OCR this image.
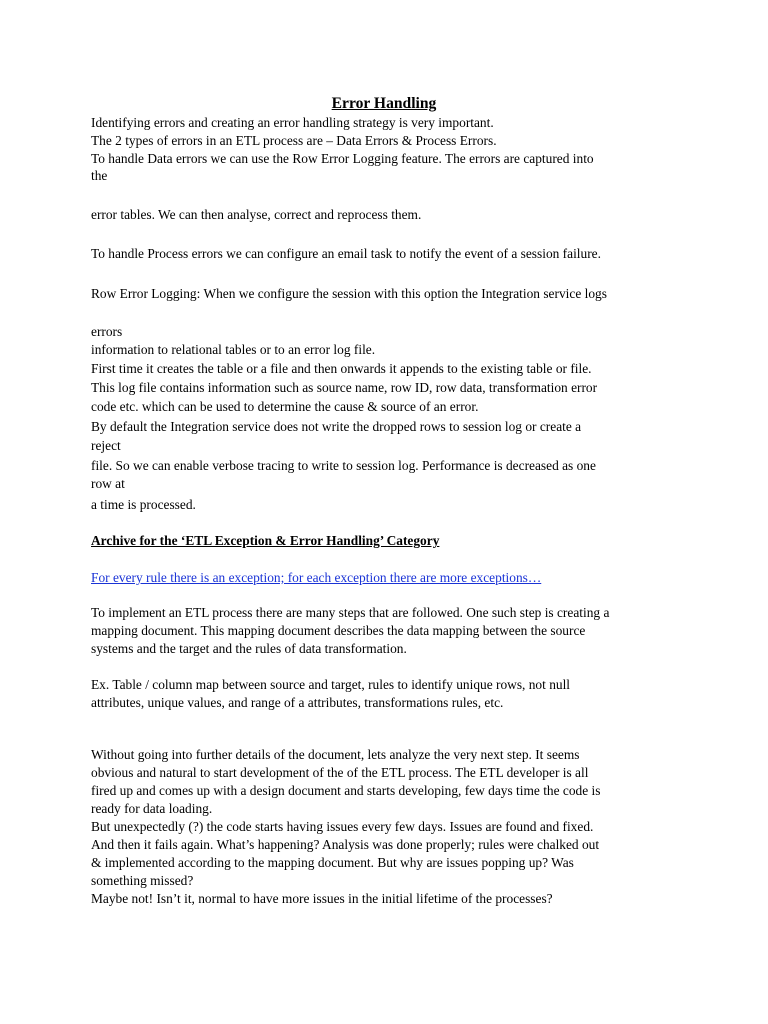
Error Handling
Identifying errors and creating an error handling strategy is very important.
The 2 types of errors in an ETL process are – Data Errors & Process Errors.
To handle Data errors we can use the Row Error Logging feature. The errors are captured into
the
error tables. We can then analyse, correct and reprocess them.
To handle Process errors we can configure an email task to notify the event of a session failure.
Row Error Logging: When we configure the session with this option the Integration service logs
errors
information to relational tables or to an error log file.
First time it creates the table or a file and then onwards it appends to the existing table or file.
This log file contains information such as source name, row ID, row data, transformation error
code etc. which can be used to determine the cause & source of an error.
By default the Integration service does not write the dropped rows to session log or create a
reject
file. So we can enable verbose tracing to write to session log. Performance is decreased as one
row at
a time is processed.
Archive for the ‘ETL Exception & Error Handling’ Category
For every rule there is an exception; for each exception there are more exceptions…
To implement an ETL process there are many steps that are followed. One such step is creating a
mapping document. This mapping document describes the data mapping between the source
systems and the target and the rules of data transformation.
Ex. Table / column map between source and target, rules to identify unique rows, not null
attributes, unique values, and range of a attributes, transformations rules, etc.
Without going into further details of the document, lets analyze the very next step. It seems
obvious and natural to start development of the of the ETL process. The ETL developer is all
fired up and comes up with a design document and starts developing, few days time the code is
ready for data loading.
But unexpectedly (?) the code starts having issues every few days. Issues are found and fixed.
And then it fails again. What’s happening? Analysis was done properly; rules were chalked out
& implemented according to the mapping document. But why are issues popping up? Was
something missed?
Maybe not! Isn’t it, normal to have more issues in the initial lifetime of the processes?
